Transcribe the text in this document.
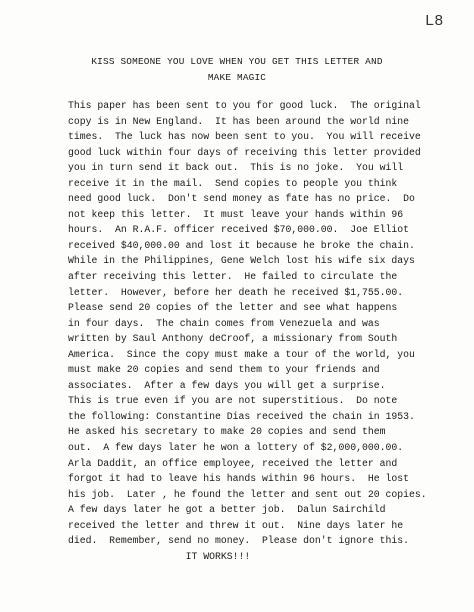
L8
KISS SOMEONE YOU LOVE WHEN YOU GET THIS LETTER AND
MAKE MAGIC
This paper has been sent to you for good luck.  The original
copy is in New England.  It has been around the world nine
times.  The luck has now been sent to you.  You will receive
good luck within four days of receiving this letter provided
you in turn send it back out.  This is no joke.  You will
receive it in the mail.  Send copies to people you think
need good luck.  Don't send money as fate has no price.  Do
not keep this letter.  It must leave your hands within 96
hours.  An R.A.F. officer received $70,000.00.  Joe Elliot
received $40,000.00 and lost it because he broke the chain.
While in the Philippines, Gene Welch lost his wife six days
after receiving this letter.  He failed to circulate the
letter.  However, before her death he received $1,755.00.
Please send 20 copies of the letter and see what happens
in four days.  The chain comes from Venezuela and was
written by Saul Anthony deCroof, a missionary from South
America.  Since the copy must make a tour of the world, you
must make 20 copies and send them to your friends and
associates.  After a few days you will get a surprise.
This is true even if you are not superstitious.  Do note
the following: Constantine Dias received the chain in 1953.
He asked his secretary to make 20 copies and send them
out.  A few days later he won a lottery of $2,000,000.00.
Arla Daddit, an office employee, received the letter and
forgot it had to leave his hands within 96 hours.  He lost
his job.  Later , he found the letter and sent out 20 copies.
A few days later he got a better job.  Dalun Sairchild
received the letter and threw it out.  Nine days later he
died.  Remember, send no money.  Please don't ignore this.
IT WORKS!!!
